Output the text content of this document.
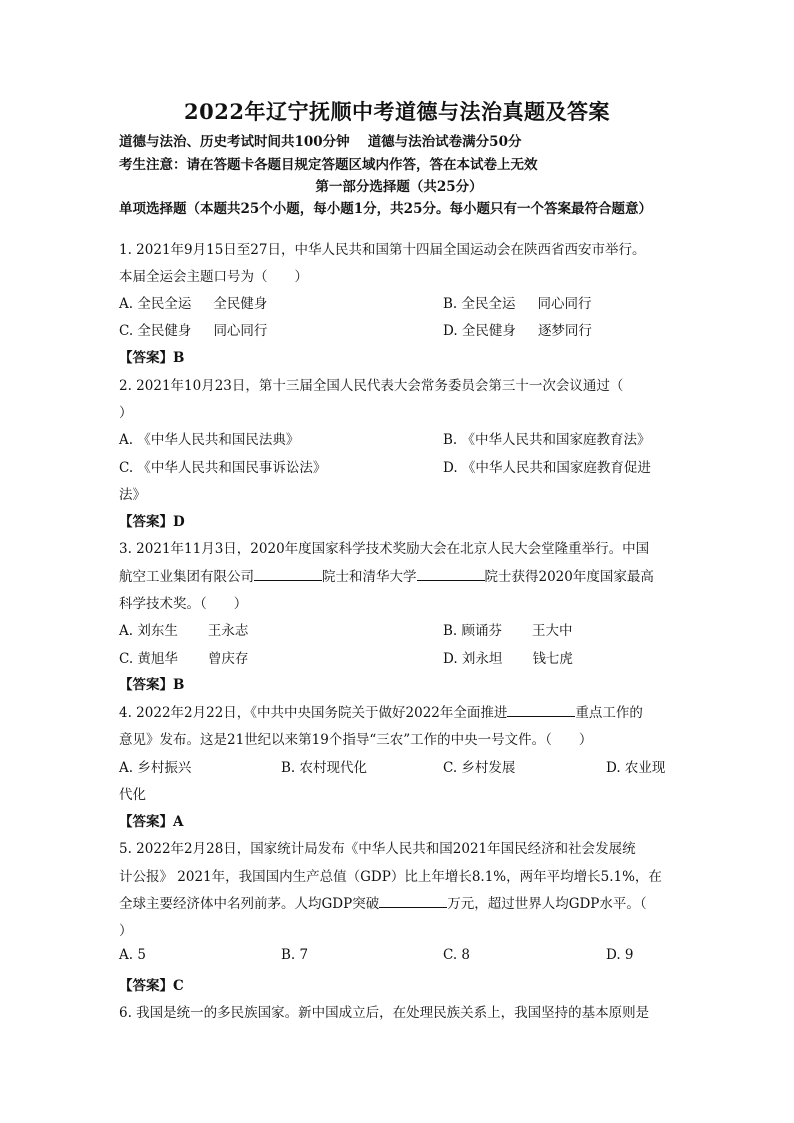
2022年辽宁抚顺中考道德与法治真题及答案
道德与法治、历史考试时间共100分钟 道德与法治试卷满分50分
考生注意：请在答题卡各题目规定答题区域内作答，答在本试卷上无效
第一部分选择题（共25分）
单项选择题（本题共25个小题，每小题1分，共25分。每小题只有一个答案最符合题意）
1. 2021年9月15日至27日，中华人民共和国第十四届全国运动会在陕西省西安市举行。
本届全运会主题口号为（　　）
A. 全民全运 全民健身	B. 全民全运 同心同行
C. 全民健身 同心同行	D. 全民健身 逐梦同行
【答案】B
2. 2021年10月23日，第十三届全国人民代表大会常务委员会第三十一次会议通过（
）
A. 《中华人民共和国民法典》	B. 《中华人民共和国家庭教育法》
C. 《中华人民共和国民事诉讼法》	D. 《中华人民共和国家庭教育促进
法》
【答案】D
3. 2021年11月3日，2020年度国家科学技术奖励大会在北京人民大会堂隆重举行。中国
航空工业集团有限公司	院士和清华大学	院士获得2020年度国家最高
科学技术奖。（　　）
A. 刘东生 王永志	B. 顾诵芬 王大中
C. 黄旭华 曾庆存	D. 刘永坦 钱七虎
【答案】B
4. 2022年2月22日，《中共中央国务院关于做好2022年全面推进	重点工作的
意见》发布。这是21世纪以来第19个指导“三农”工作的中央一号文件。（　　）
A. 乡村振兴	B. 农村现代化	C. 乡村发展	D. 农业现
代化
【答案】A
5. 2022年2月28日，国家统计局发布《中华人民共和国2021年国民经济和社会发展统
计公报》 2021年，我国国内生产总值（GDP）比上年增长8.1%，两年平均增长5.1%，在
全球主要经济体中名列前茅。人均GDP突破	万元，超过世界人均GDP水平。（
）
A. 5	B. 7	C. 8	D. 9
【答案】C
6. 我国是统一的多民族国家。新中国成立后，在处理民族关系上，我国坚持的基本原则是
